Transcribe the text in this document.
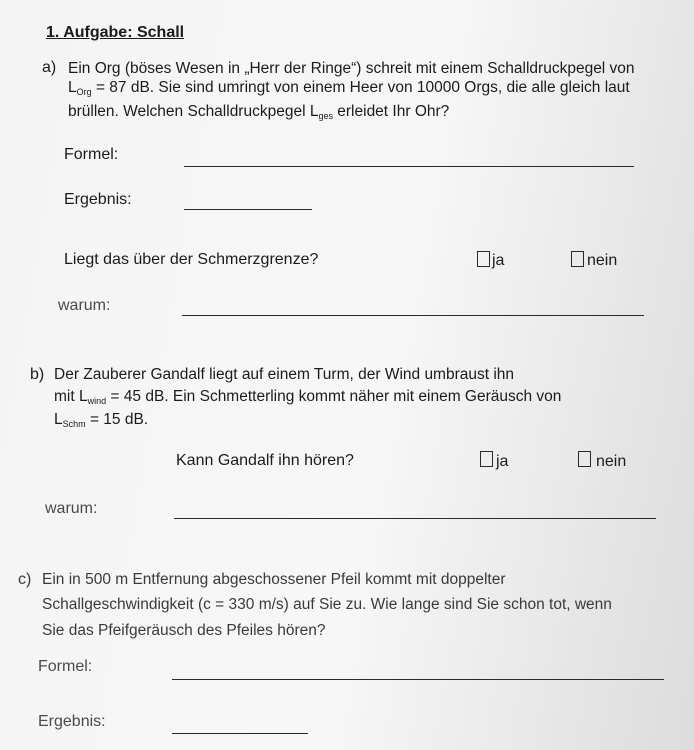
1. Aufgabe: Schall
a) Ein Org (böses Wesen in „Herr der Ringe“) schreit mit einem Schalldruckpegel von
$L_{Org} = 87$ dB. Sie sind umringt von einem Heer von 10000 Orgs, die alle gleich laut
brüllen. Welchen Schalldruckpegel $L_{ges}$ erleidet Ihr Ohr?
Formel:
Ergebnis:
Liegt das über der Schmerzgrenze?	ja	nein
warum:
b) Der Zauberer Gandalf liegt auf einem Turm, der Wind umbraust ihn
mit $L_{wind} = 45$ dB. Ein Schmetterling kommt näher mit einem Geräusch von
$L_{Schm} = 15$ dB.
Kann Gandalf ihn hören?	ja	nein
warum:
c) Ein in 500 m Entfernung abgeschossener Pfeil kommt mit doppelter
Schallgeschwindigkeit (c = 330 m/s) auf Sie zu. Wie lange sind Sie schon tot, wenn
Sie das Pfeifgeräusch des Pfeiles hören?
Formel:
Ergebnis:
